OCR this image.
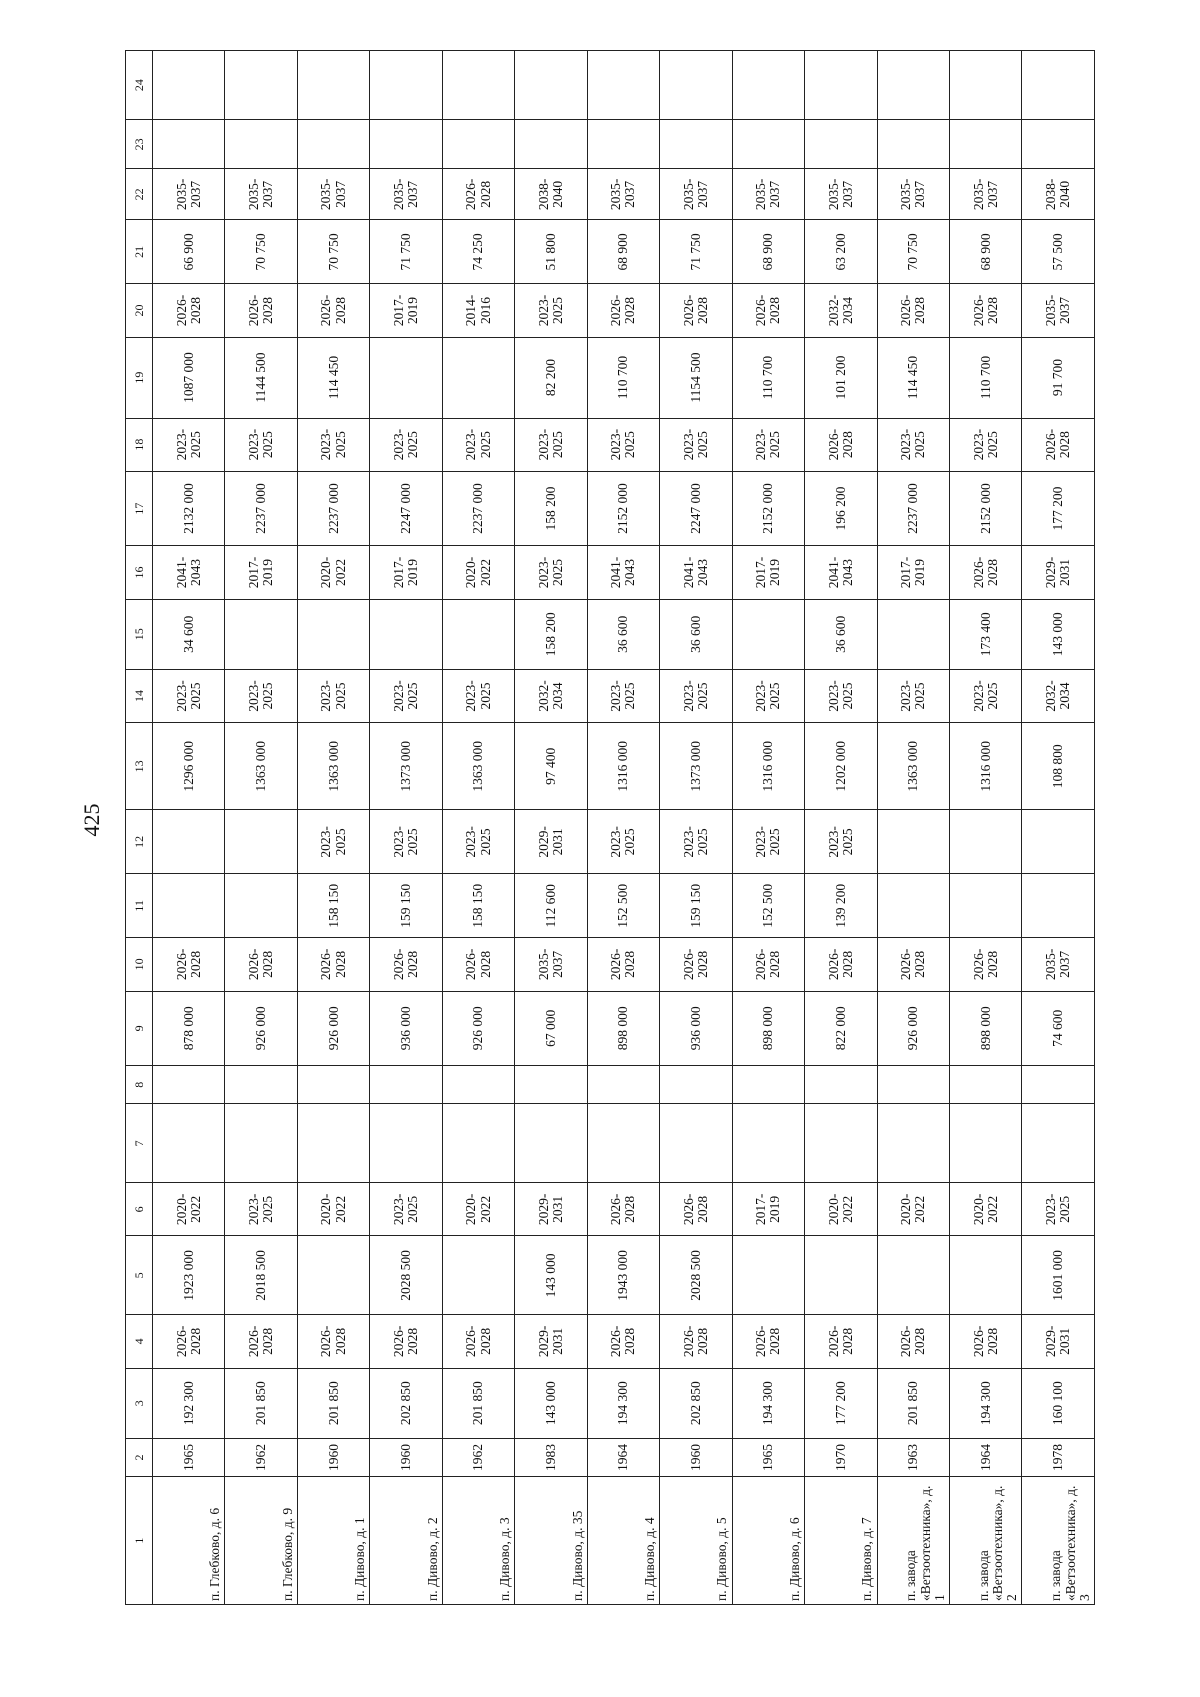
425
1	2	3	4	5	6	7	8	9	10	11	12	13	14	15	16	17	18	19	20	21	22	23	24
п. Глебково, д. 6	1965	192 300	2026-
2028	1923 000	2020-
2022			878 000	2026-
2028			1296 000	2023-
2025	34 600	2041-
2043	2132 000	2023-
2025	1087 000	2026-
2028	66 900	2035-
2037		
п. Глебково, д. 9	1962	201 850	2026-
2028	2018 500	2023-
2025			926 000	2026-
2028			1363 000	2023-
2025		2017-
2019	2237 000	2023-
2025	1144 500	2026-
2028	70 750	2035-
2037		
п. Дивово, д. 1	1960	201 850	2026-
2028		2020-
2022			926 000	2026-
2028	158 150	2023-
2025	1363 000	2023-
2025		2020-
2022	2237 000	2023-
2025	114 450	2026-
2028	70 750	2035-
2037		
п. Дивово, д. 2	1960	202 850	2026-
2028	2028 500	2023-
2025			936 000	2026-
2028	159 150	2023-
2025	1373 000	2023-
2025		2017-
2019	2247 000	2023-
2025		2017-
2019	71 750	2035-
2037		
п. Дивово, д. 3	1962	201 850	2026-
2028		2020-
2022			926 000	2026-
2028	158 150	2023-
2025	1363 000	2023-
2025		2020-
2022	2237 000	2023-
2025		2014-
2016	74 250	2026-
2028		
п. Дивово, д. 35	1983	143 000	2029-
2031	143 000	2029-
2031			67 000	2035-
2037	112 600	2029-
2031	97 400	2032-
2034	158 200	2023-
2025	158 200	2023-
2025	82 200	2023-
2025	51 800	2038-
2040		
п. Дивово, д. 4	1964	194 300	2026-
2028	1943 000	2026-
2028			898 000	2026-
2028	152 500	2023-
2025	1316 000	2023-
2025	36 600	2041-
2043	2152 000	2023-
2025	110 700	2026-
2028	68 900	2035-
2037		
п. Дивово, д. 5	1960	202 850	2026-
2028	2028 500	2026-
2028			936 000	2026-
2028	159 150	2023-
2025	1373 000	2023-
2025	36 600	2041-
2043	2247 000	2023-
2025	1154 500	2026-
2028	71 750	2035-
2037		
п. Дивово, д. 6	1965	194 300	2026-
2028		2017-
2019			898 000	2026-
2028	152 500	2023-
2025	1316 000	2023-
2025		2017-
2019	2152 000	2023-
2025	110 700	2026-
2028	68 900	2035-
2037		
п. Дивово, д. 7	1970	177 200	2026-
2028		2020-
2022			822 000	2026-
2028	139 200	2023-
2025	1202 000	2023-
2025	36 600	2041-
2043	196 200	2026-
2028	101 200	2032-
2034	63 200	2035-
2037		
п. завода «Ветзоотехника», д. 1	1963	201 850	2026-
2028		2020-
2022			926 000	2026-
2028			1363 000	2023-
2025		2017-
2019	2237 000	2023-
2025	114 450	2026-
2028	70 750	2035-
2037		
п. завода «Ветзоотехника», д. 2	1964	194 300	2026-
2028		2020-
2022			898 000	2026-
2028			1316 000	2023-
2025	173 400	2026-
2028	2152 000	2023-
2025	110 700	2026-
2028	68 900	2035-
2037		
п. завода «Ветзоотехника», д. 3	1978	160 100	2029-
2031	1601 000	2023-
2025			74 600	2035-
2037			108 800	2032-
2034	143 000	2029-
2031	177 200	2026-
2028	91 700	2035-
2037	57 500	2038-
2040		
